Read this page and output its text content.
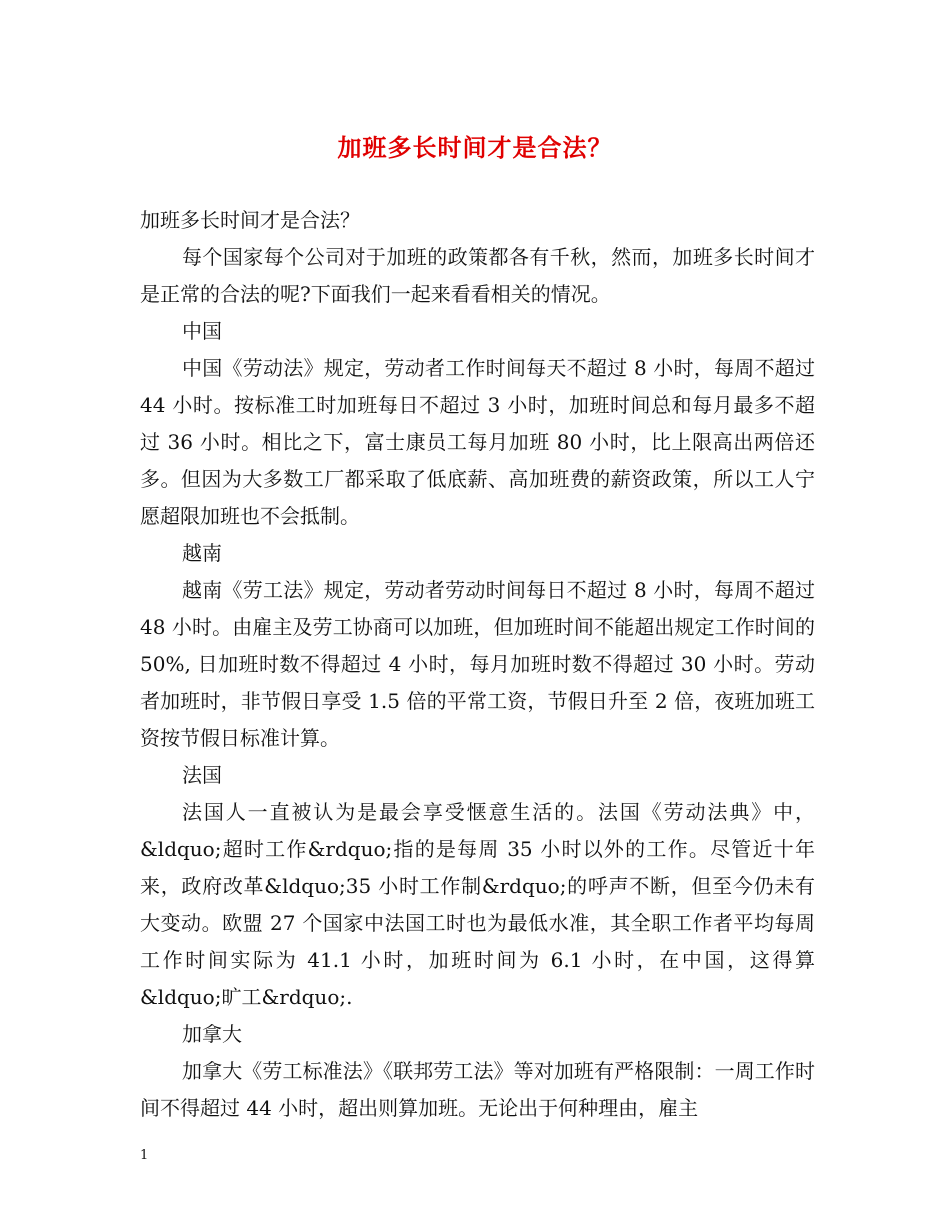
加班多长时间才是合法？

加班多长时间才是合法？

每个国家每个公司对于加班的政策都各有千秋，然而，加班多长时间才是正常的合法的呢?下面我们一起来看看相关的情况。

中国

中国《劳动法》规定，劳动者工作时间每天不超过 8 小时，每周不超过 44 小时。按标准工时加班每日不超过 3 小时，加班时间总和每月最多不超过 36 小时。相比之下，富士康员工每月加班 80 小时，比上限高出两倍还多。但因为大多数工厂都采取了低底薪、高加班费的薪资政策，所以工人宁愿超限加班也不会抵制。

越南

越南《劳工法》规定，劳动者劳动时间每日不超过 8 小时，每周不超过 48 小时。由雇主及劳工协商可以加班，但加班时间不能超出规定工作时间的 50%, 日加班时数不得超过 4 小时，每月加班时数不得超过 30 小时。劳动者加班时，非节假日享受 1.5 倍的平常工资，节假日升至 2 倍，夜班加班工资按节假日标准计算。

法国

法国人一直被认为是最会享受惬意生活的。法国《劳动法典》中，&ldquo;超时工作&rdquo;指的是每周 35 小时以外的工作。尽管近十年来，政府改革&ldquo;35 小时工作制&rdquo;的呼声不断，但至今仍未有大变动。欧盟 27 个国家中法国工时也为最低水准，其全职工作者平均每周工作时间实际为 41.1 小时，加班时间为 6.1 小时，在中国，这得算&ldquo;旷工&rdquo;.

加拿大

加拿大《劳工标准法》《联邦劳工法》等对加班有严格限制：一周工作时间不得超过 44 小时，超出则算加班。无论出于何种理由，雇主

1
